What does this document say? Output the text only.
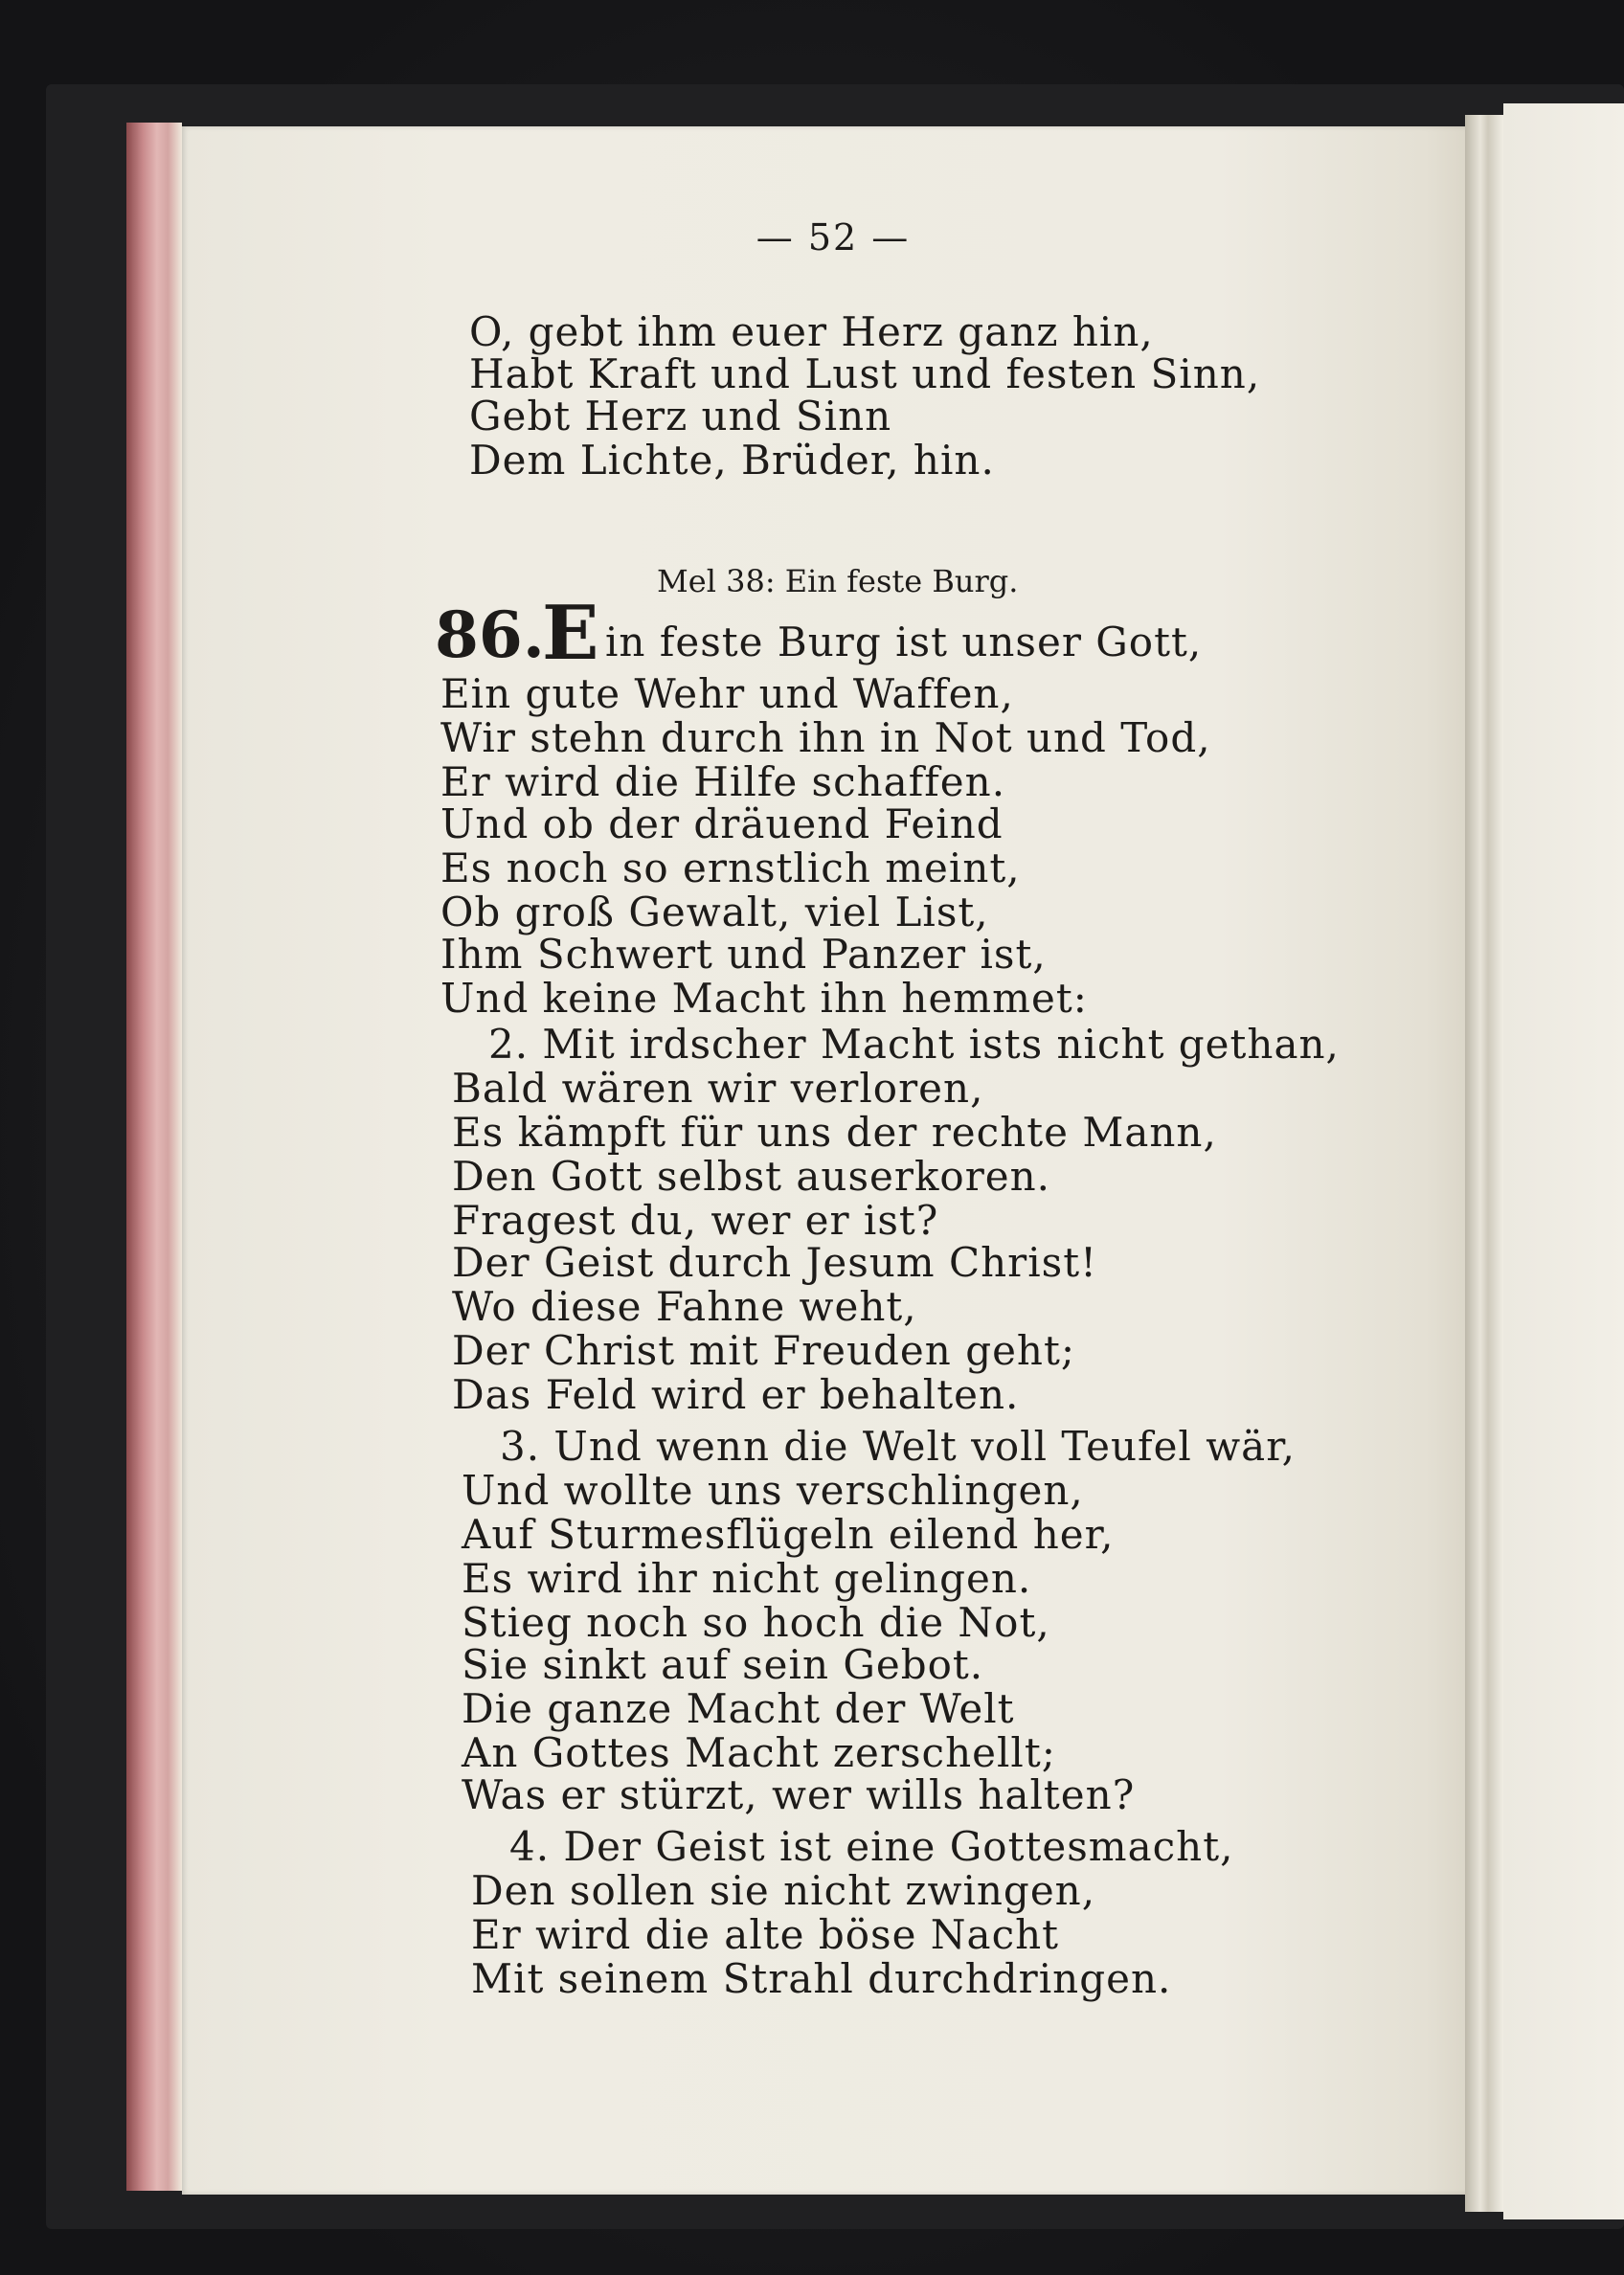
— 52 —
O, gebt ihm euer Herz ganz hin,
Habt Kraft und Lust und festen Sinn,
Gebt Herz und Sinn
Dem Lichte, Brüder, hin.
Mel 38: Ein feste Burg.
86.
E in feste Burg ist unser Gott,
Ein gute Wehr und Waffen,
Wir stehn durch ihn in Not und Tod,
Er wird die Hilfe schaffen.
Und ob der dräuend Feind
Es noch so ernstlich meint,
Ob groß Gewalt, viel List,
Ihm Schwert und Panzer ist,
Und keine Macht ihn hemmet:
2. Mit irdscher Macht ists nicht gethan,
Bald wären wir verloren,
Es kämpft für uns der rechte Mann,
Den Gott selbst auserkoren.
Fragest du, wer er ist?
Der Geist durch Jesum Christ!
Wo diese Fahne weht,
Der Christ mit Freuden geht;
Das Feld wird er behalten.
3. Und wenn die Welt voll Teufel wär,
Und wollte uns verschlingen,
Auf Sturmesflügeln eilend her,
Es wird ihr nicht gelingen.
Stieg noch so hoch die Not,
Sie sinkt auf sein Gebot.
Die ganze Macht der Welt
An Gottes Macht zerschellt;
Was er stürzt, wer wills halten?
4. Der Geist ist eine Gottesmacht,
Den sollen sie nicht zwingen,
Er wird die alte böse Nacht
Mit seinem Strahl durchdringen.
